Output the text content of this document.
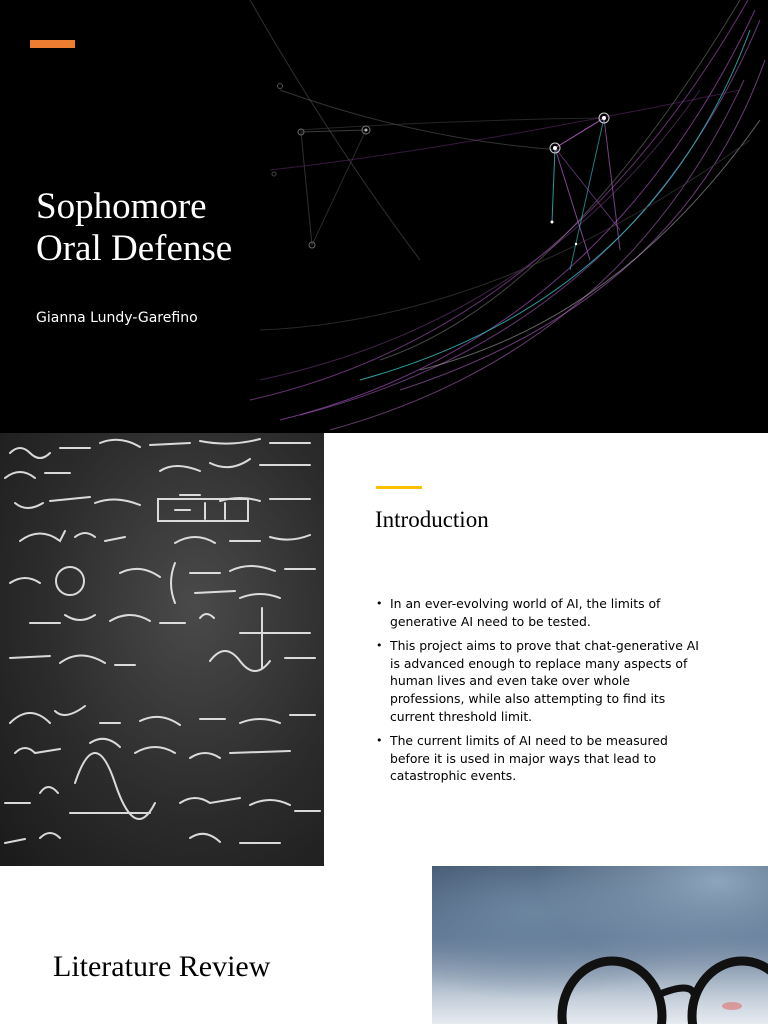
Sophomore
Oral Defense
Gianna Lundy-Garefino
Introduction
• In an ever-evolving world of AI, the limits of generative AI need to be tested.
• This project aims to prove that chat-generative AI is advanced enough to replace many aspects of human lives and even take over whole professions, while also attempting to find its current threshold limit.
• The current limits of AI need to be measured before it is used in major ways that lead to catastrophic events.
Literature Review
